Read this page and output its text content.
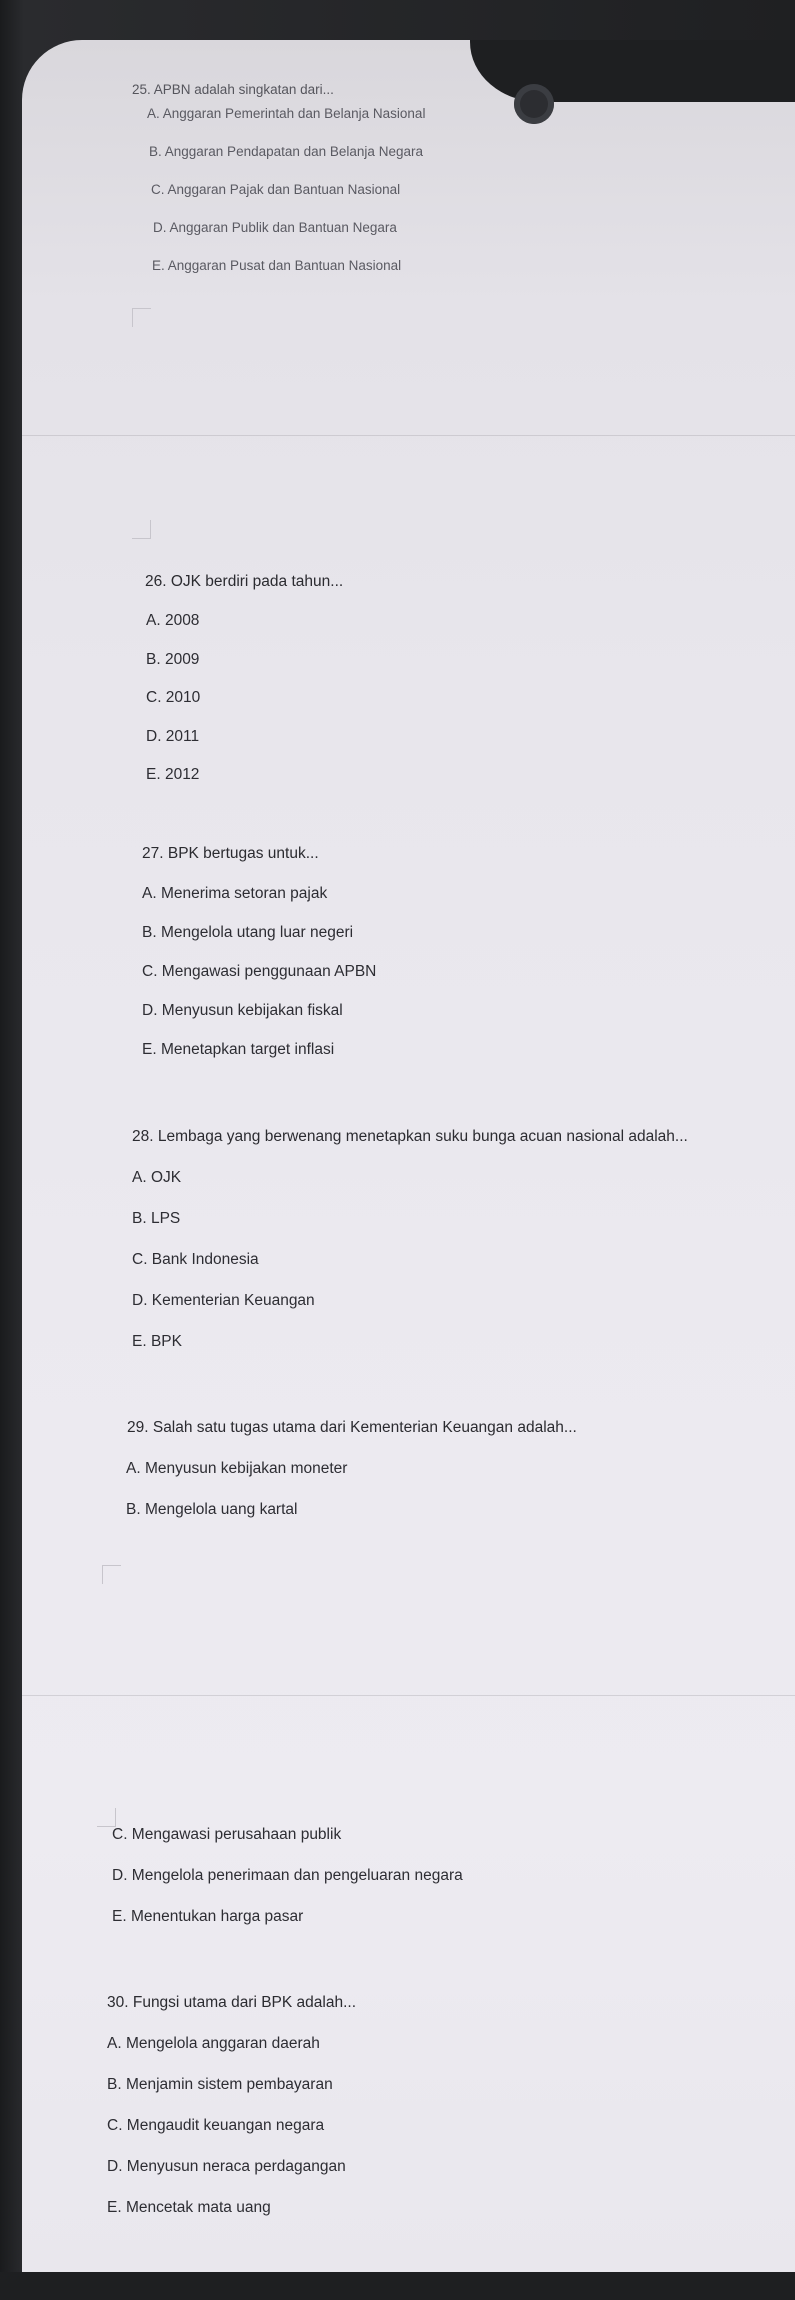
25. APBN adalah singkatan dari...
A. Anggaran Pemerintah dan Belanja Nasional
B. Anggaran Pendapatan dan Belanja Negara
C. Anggaran Pajak dan Bantuan Nasional
D. Anggaran Publik dan Bantuan Negara
E. Anggaran Pusat dan Bantuan Nasional
26. OJK berdiri pada tahun...
A. 2008
B. 2009
C. 2010
D. 2011
E. 2012
27. BPK bertugas untuk...
A. Menerima setoran pajak
B. Mengelola utang luar negeri
C. Mengawasi penggunaan APBN
D. Menyusun kebijakan fiskal
E. Menetapkan target inflasi
28. Lembaga yang berwenang menetapkan suku bunga acuan nasional adalah...
A. OJK
B. LPS
C. Bank Indonesia
D. Kementerian Keuangan
E. BPK
29. Salah satu tugas utama dari Kementerian Keuangan adalah...
A. Menyusun kebijakan moneter
B. Mengelola uang kartal
C. Mengawasi perusahaan publik
D. Mengelola penerimaan dan pengeluaran negara
E. Menentukan harga pasar
30. Fungsi utama dari BPK adalah...
A. Mengelola anggaran daerah
B. Menjamin sistem pembayaran
C. Mengaudit keuangan negara
D. Menyusun neraca perdagangan
E. Mencetak mata uang
